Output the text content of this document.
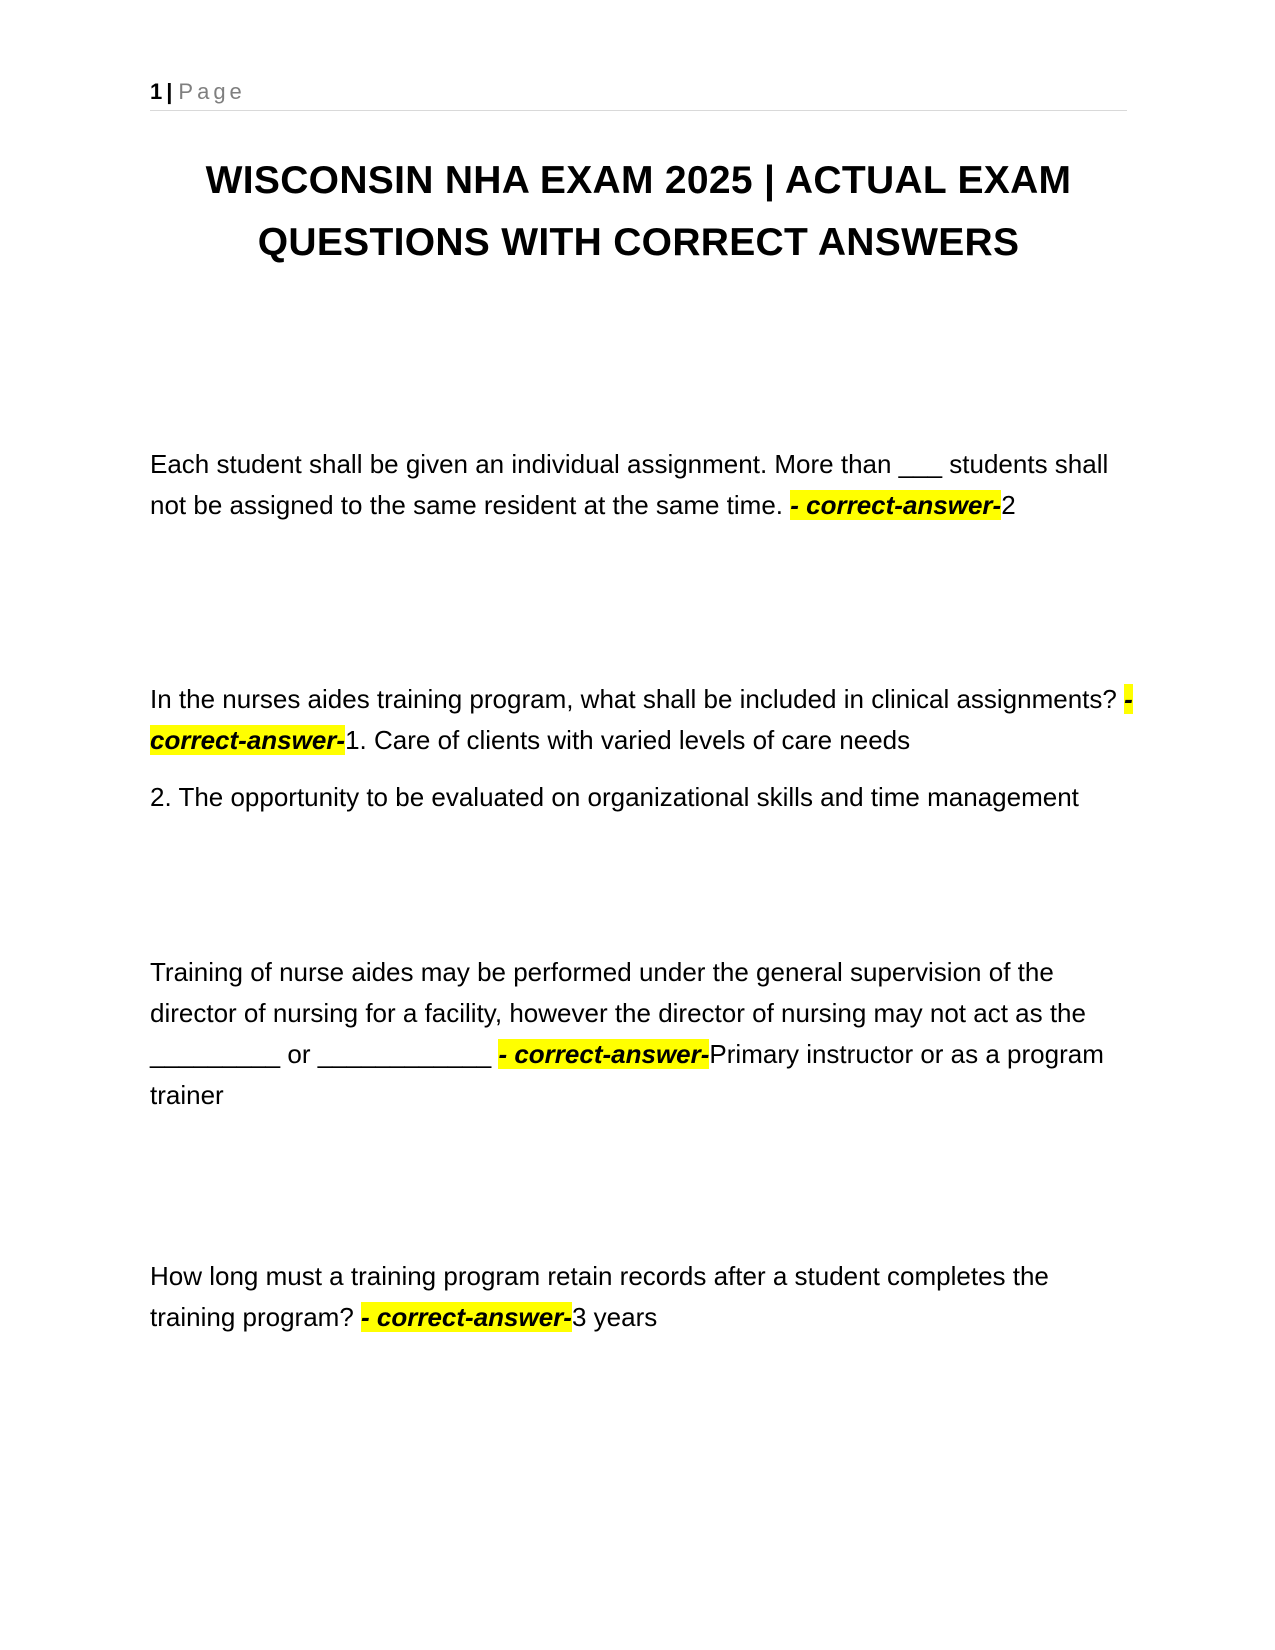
1 | Page
WISCONSIN NHA EXAM 2025 | ACTUAL EXAM
QUESTIONS WITH CORRECT ANSWERS

Each student shall be given an individual assignment. More than ___ students shall not be assigned to the same resident at the same time. - correct-answer-2

In the nurses aides training program, what shall be included in clinical assignments? - correct-answer-1. Care of clients with varied levels of care needs

2. The opportunity to be evaluated on organizational skills and time management

Training of nurse aides may be performed under the general supervision of the director of nursing for a facility, however the director of nursing may not act as the _________ or ____________ - correct-answer-Primary instructor or as a program trainer

How long must a training program retain records after a student completes the training program? - correct-answer-3 years
